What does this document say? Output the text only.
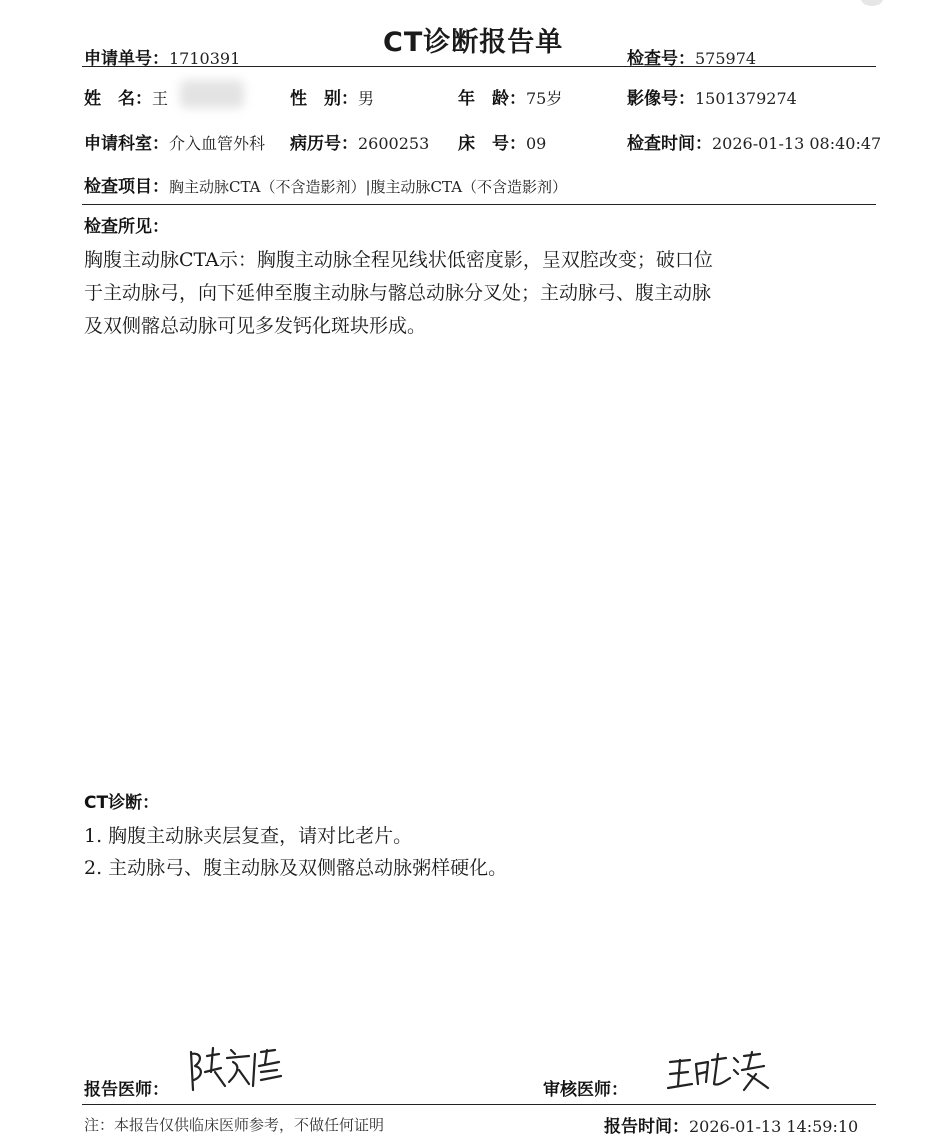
CT诊断报告单
申请单号：1710391	检查号：575974
姓　名：王	性　别：男	年　龄：75岁	影像号：1501379274
申请科室：介入血管外科 病历号：2600253 床　号：09	检查时间：2026-01-13 08:40:47
检查项目：胸主动脉CTA（不含造影剂）|腹主动脉CTA（不含造影剂）
检查所见：
胸腹主动脉CTA示：胸腹主动脉全程见线状低密度影，呈双腔改变；破口位
于主动脉弓，向下延伸至腹主动脉与髂总动脉分叉处；主动脉弓、腹主动脉
及双侧髂总动脉可见多发钙化斑块形成。
CT诊断：
1. 胸腹主动脉夹层复查，请对比老片。
2. 主动脉弓、腹主动脉及双侧髂总动脉粥样硬化。
报告医师：	审核医师：
注：本报告仅供临床医师参考，不做任何证明	报告时间：2026-01-13 14:59:10
